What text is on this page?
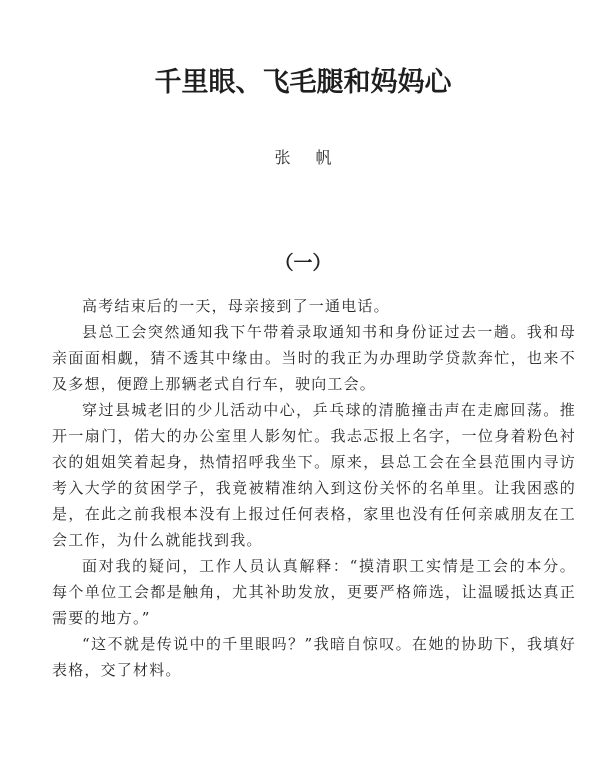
千里眼、飞毛腿和妈妈心
张 帆
（一）

高考结束后的一天，母亲接到了一通电话。

县总工会突然通知我下午带着录取通知书和身份证过去一趟。我和母亲面面相觑，猜不透其中缘由。当时的我正为办理助学贷款奔忙，也来不及多想，便蹬上那辆老式自行车，驶向工会。

穿过县城老旧的少儿活动中心，乒乓球的清脆撞击声在走廊回荡。推开一扇门，偌大的办公室里人影匆忙。我忐忑报上名字，一位身着粉色衬衣的姐姐笑着起身，热情招呼我坐下。原来，县总工会在全县范围内寻访考入大学的贫困学子，我竟被精准纳入到这份关怀的名单里。让我困惑的是，在此之前我根本没有上报过任何表格，家里也没有任何亲戚朋友在工会工作，为什么就能找到我。

面对我的疑问，工作人员认真解释：“摸清职工实情是工会的本分。每个单位工会都是触角，尤其补助发放，更要严格筛选，让温暖抵达真正需要的地方。”

“这不就是传说中的千里眼吗？”我暗自惊叹。在她的协助下，我填好表格，交了材料。
